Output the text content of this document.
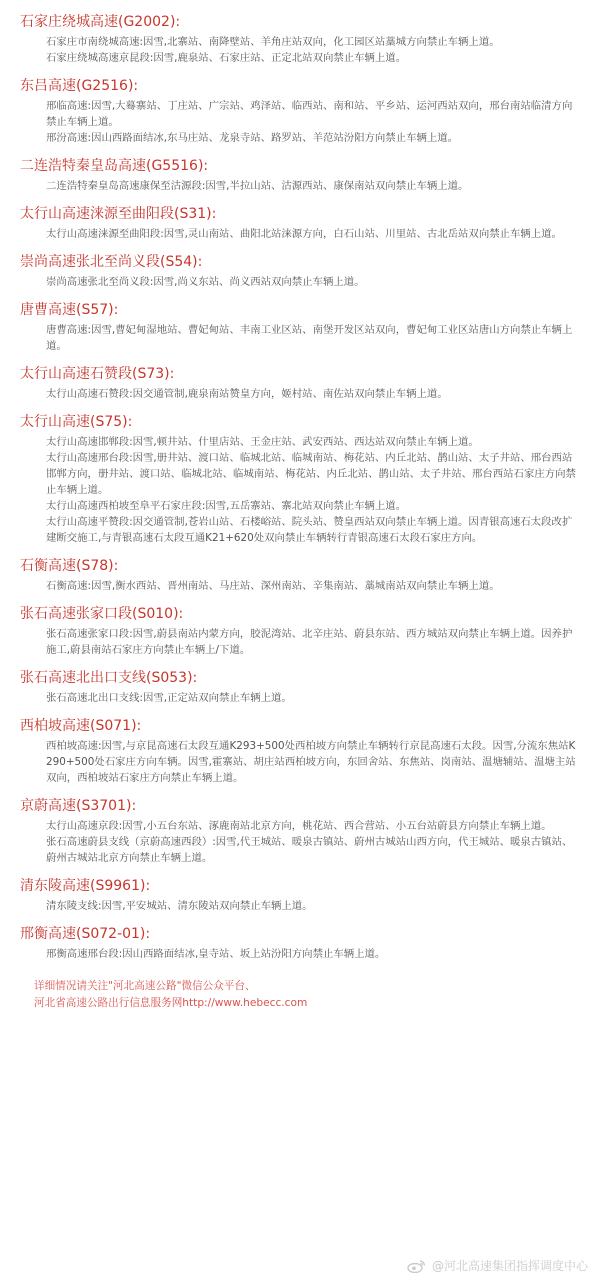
石家庄绕城高速(G2002):
石家庄市南绕城高速:因雪,北寨站、南降壁站、羊角庄站双向，化工园区站藁城方向禁止车辆上道。
石家庄绕城高速京昆段:因雪,鹿泉站、石家庄站、正定北站双向禁止车辆上道。
东吕高速(G2516):
邢临高速:因雪,大蓦寨站、丁庄站、广宗站、鸡泽站、临西站、南和站、平乡站、运河西站双向，邢台南站临清方向禁止车辆上道。
邢汾高速:因山西路面结冰,东马庄站、龙泉寺站、路罗站、羊范站汾阳方向禁止车辆上道。
二连浩特秦皇岛高速(G5516):
二连浩特秦皇岛高速康保至沽源段:因雪,半拉山站、沽源西站、康保南站双向禁止车辆上道。
太行山高速涞源至曲阳段(S31):
太行山高速涞源至曲阳段:因雪,灵山南站、曲阳北站涞源方向，白石山站、川里站、古北岳站双向禁止车辆上道。
崇尚高速张北至尚义段(S54):
崇尚高速张北至尚义段:因雪,尚义东站、尚义西站双向禁止车辆上道。
唐曹高速(S57):
唐曹高速:因雪,曹妃甸湿地站、曹妃甸站、丰南工业区站、南堡开发区站双向，曹妃甸工业区站唐山方向禁止车辆上道。
太行山高速石赞段(S73):
太行山高速石赞段:因交通管制,鹿泉南站赞皇方向，姬村站、南佐站双向禁止车辆上道。
太行山高速(S75):
太行山高速邯郸段:因雪,顿井站、什里店站、王金庄站、武安西站、西达站双向禁止车辆上道。
太行山高速邢台段:因雪,册井站、渡口站、临城北站、临城南站、梅花站、内丘北站、鹊山站、太子井站、邢台西站邯郸方向，册井站、渡口站、临城北站、临城南站、梅花站、内丘北站、鹊山站、太子井站、邢台西站石家庄方向禁止车辆上道。
太行山高速西柏坡至阜平石家庄段:因雪,五岳寨站、寨北站双向禁止车辆上道。
太行山高速平赞段:因交通管制,苍岩山站、石楼峪站、院头站、赞皇西站双向禁止车辆上道。因青银高速石太段改扩建断交施工,与青银高速石太段互通K21+620处双向禁止车辆转行青银高速石太段石家庄方向。
石衡高速(S78):
石衡高速:因雪,衡水西站、晋州南站、马庄站、深州南站、辛集南站、藁城南站双向禁止车辆上道。
张石高速张家口段(S010):
张石高速张家口段:因雪,蔚县南站内蒙方向，胶泥湾站、北辛庄站、蔚县东站、西方城站双向禁止车辆上道。因养护施工,蔚县南站石家庄方向禁止车辆上/下道。
张石高速北出口支线(S053):
张石高速北出口支线:因雪,正定站双向禁止车辆上道。
西柏坡高速(S071):
西柏坡高速:因雪,与京昆高速石太段互通K293+500处西柏坡方向禁止车辆转行京昆高速石太段。因雪,分流东焦站K290+500处石家庄方向车辆。因雪,霍寨站、胡庄站西柏坡方向，东回舍站、东焦站、岗南站、温塘辅站、温塘主站双向，西柏坡站石家庄方向禁止车辆上道。
京蔚高速(S3701):
太行山高速京段:因雪,小五台东站、涿鹿南站北京方向，桃花站、西合营站、小五台站蔚县方向禁止车辆上道。
张石高速蔚县支线（京蔚高速西段）:因雪,代王城站、暖泉古镇站、蔚州古城站山西方向，代王城站、暖泉古镇站、蔚州古城站北京方向禁止车辆上道。
清东陵高速(S9961):
清东陵支线:因雪,平安城站、清东陵站双向禁止车辆上道。
邢衡高速(S072-01):
邢衡高速邢台段:因山西路面结冰,皇寺站、坂上站汾阳方向禁止车辆上道。
详细情况请关注"河北高速公路"微信公众平台、
河北省高速公路出行信息服务网http://www.hebecc.com
@河北高速集团指挥调度中心
